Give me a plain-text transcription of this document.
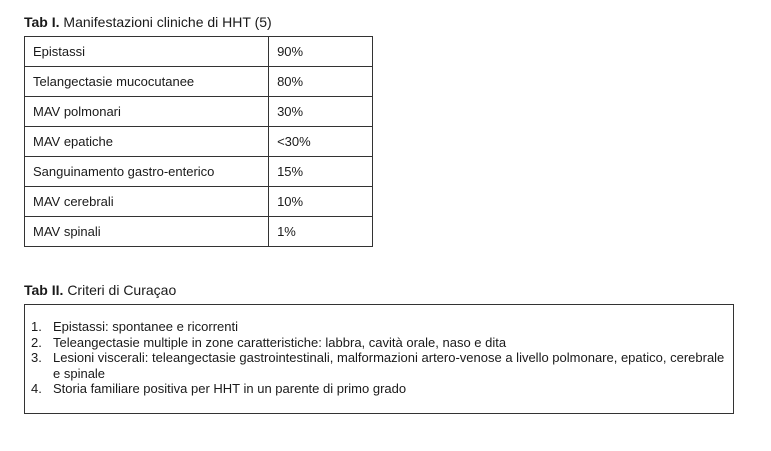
Tab I. Manifestazioni cliniche di HHT (5)
Epistassi	90%
Telangectasie mucocutanee	80%
MAV polmonari	30%
MAV epatiche	<30%
Sanguinamento gastro-enterico	15%
MAV cerebrali	10%
MAV spinali	1%
Tab II. Criteri di Curaçao
1. Epistassi: spontanee e ricorrenti
2. Teleangectasie multiple in zone caratteristiche: labbra, cavità orale, naso e dita
3. Lesioni viscerali: teleangectasie gastrointestinali, malformazioni artero-venose a livello polmonare, epatico, cerebrale e spinale
4. Storia familiare positiva per HHT in un parente di primo grado
